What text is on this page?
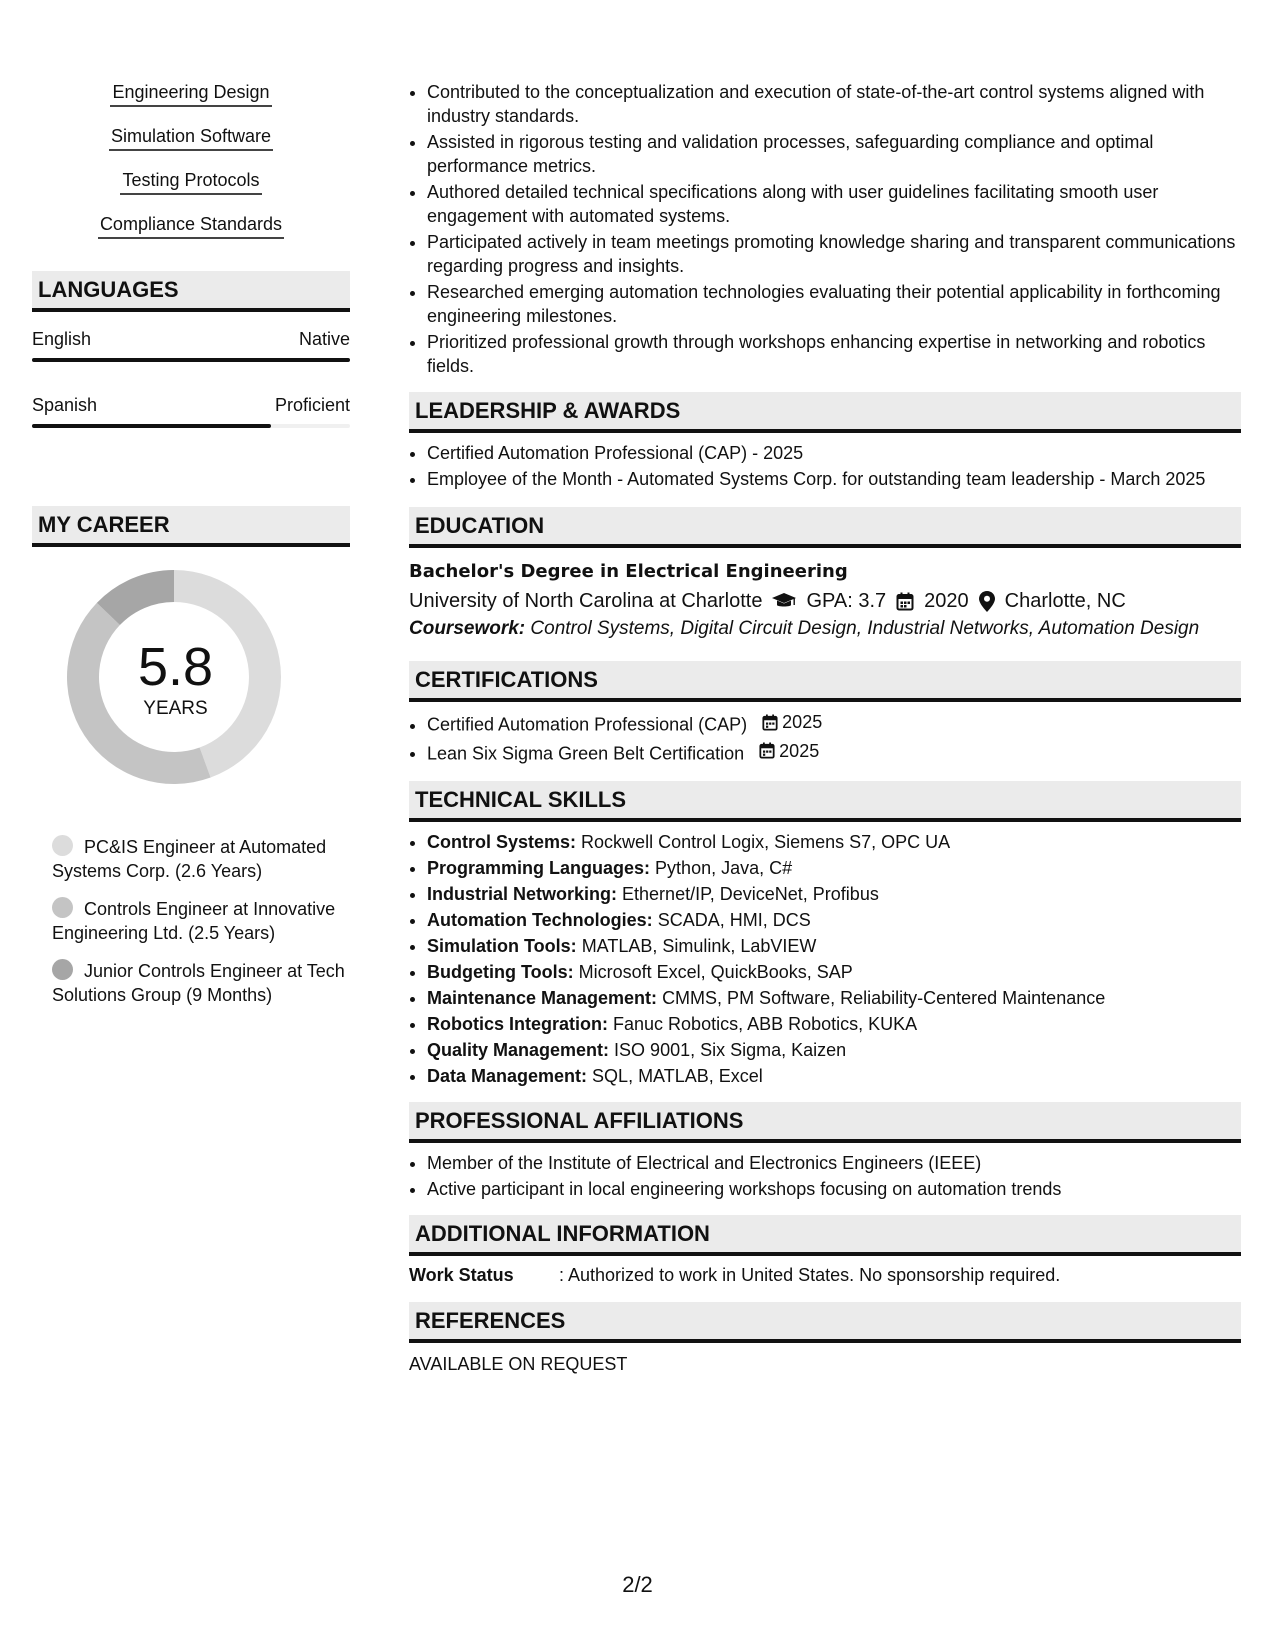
Engineering Design
Simulation Software
Testing Protocols
Compliance Standards
LANGUAGES
English	Native
Spanish	Proficient
MY CAREER
5.8
YEARS
PC&IS Engineer at Automated Systems Corp. (2.6 Years)
Controls Engineer at Innovative Engineering Ltd. (2.5 Years)
Junior Controls Engineer at Tech Solutions Group (9 Months)
• Contributed to the conceptualization and execution of state-of-the-art control systems aligned with industry standards.
• Assisted in rigorous testing and validation processes, safeguarding compliance and optimal performance metrics.
• Authored detailed technical specifications along with user guidelines facilitating smooth user engagement with automated systems.
• Participated actively in team meetings promoting knowledge sharing and transparent communications regarding progress and insights.
• Researched emerging automation technologies evaluating their potential applicability in forthcoming engineering milestones.
• Prioritized professional growth through workshops enhancing expertise in networking and robotics fields.
LEADERSHIP & AWARDS
• Certified Automation Professional (CAP) - 2025
• Employee of the Month - Automated Systems Corp. for outstanding team leadership - March 2025
EDUCATION
Bachelor's Degree in Electrical Engineering
University of North Carolina at Charlotte GPA: 3.7 2020 Charlotte, NC
Coursework: Control Systems, Digital Circuit Design, Industrial Networks, Automation Design
CERTIFICATIONS
• Certified Automation Professional (CAP) 2025
• Lean Six Sigma Green Belt Certification 2025
TECHNICAL SKILLS
• Control Systems: Rockwell Control Logix, Siemens S7, OPC UA
• Programming Languages: Python, Java, C#
• Industrial Networking: Ethernet/IP, DeviceNet, Profibus
• Automation Technologies: SCADA, HMI, DCS
• Simulation Tools: MATLAB, Simulink, LabVIEW
• Budgeting Tools: Microsoft Excel, QuickBooks, SAP
• Maintenance Management: CMMS, PM Software, Reliability-Centered Maintenance
• Robotics Integration: Fanuc Robotics, ABB Robotics, KUKA
• Quality Management: ISO 9001, Six Sigma, Kaizen
• Data Management: SQL, MATLAB, Excel
PROFESSIONAL AFFILIATIONS
• Member of the Institute of Electrical and Electronics Engineers (IEEE)
• Active participant in local engineering workshops focusing on automation trends
ADDITIONAL INFORMATION
Work Status	: Authorized to work in United States. No sponsorship required.
REFERENCES
AVAILABLE ON REQUEST
2/2
